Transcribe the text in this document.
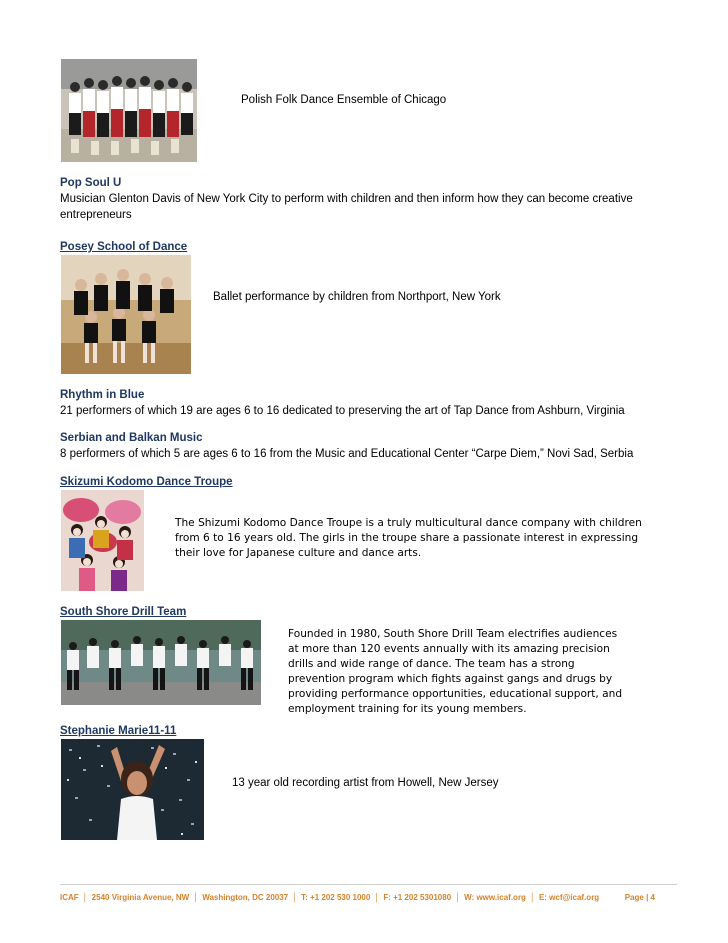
Polish Folk Dance Ensemble of Chicago
Pop Soul U
Musician Glenton Davis of New York City to perform with children and then inform how they can become creative entrepreneurs
Posey School of Dance
Ballet performance by children from Northport, New York
Rhythm in Blue
21 performers of which 19 are ages 6 to 16 dedicated to preserving the art of Tap Dance from Ashburn, Virginia
Serbian and Balkan Music
8 performers of which 5 are ages 6 to 16 from the Music and Educational Center “Carpe Diem,” Novi Sad, Serbia
Skizumi Kodomo Dance Troupe
The Shizumi Kodomo Dance Troupe is a truly multicultural dance company with children
from 6 to 16 years old. The girls in the troupe share a passionate interest in expressing
their love for Japanese culture and dance arts.
South Shore Drill Team
Founded in 1980, South Shore Drill Team electrifies audiences
at more than 120 events annually with its amazing precision
drills and wide range of dance. The team has a strong
prevention program which fights against gangs and drugs by
providing performance opportunities, educational support, and
employment training for its young members.
Stephanie Marie11-11
13 year old recording artist from Howell, New Jersey
ICAF │ 2540 Virginia Avenue, NW │ Washington, DC 20037 │ T: +1 202 530 1000 │ F: +1 202 5301080 │ W: www.icaf.org │ E: wcf@icaf.org	Page | 4
